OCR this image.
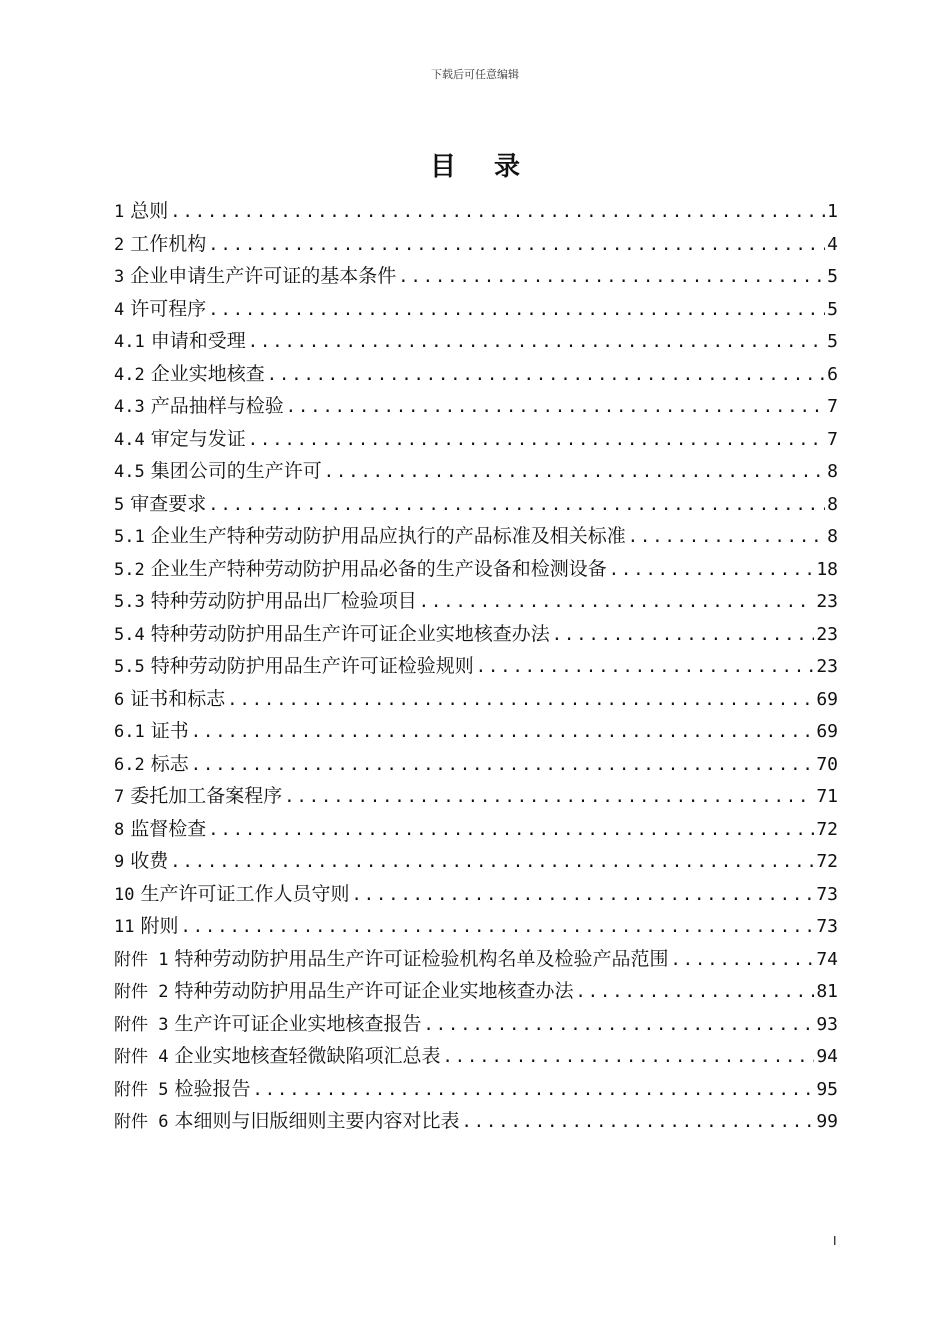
下载后可任意编辑
目 录
1 总则 .....	1
2 工作机构 .....	4
3 企业申请生产许可证的基本条件 .....	5
4 许可程序 .....	5
4.1 申请和受理 .....	5
4.2 企业实地核查 .....	6
4.3 产品抽样与检验 .....	7
4.4 审定与发证 .....	7
4.5 集团公司的生产许可 .....	8
5 审查要求 .....	8
5.1 企业生产特种劳动防护用品应执行的产品标准及相关标准 .....	8
5.2 企业生产特种劳动防护用品必备的生产设备和检测设备 .....	18
5.3 特种劳动防护用品出厂检验项目 .....	23
5.4 特种劳动防护用品生产许可证企业实地核查办法 .....	23
5.5 特种劳动防护用品生产许可证检验规则 .....	23
6 证书和标志 .....	69
6.1 证书 .....	69
6.2 标志 .....	70
7 委托加工备案程序 .....	71
8 监督检查 .....	72
9 收费 .....	72
10 生产许可证工作人员守则 .....	73
11 附则 .....	73
附件 1 特种劳动防护用品生产许可证检验机构名单及检验产品范围 .....	74
附件 2 特种劳动防护用品生产许可证企业实地核查办法 .....	81
附件 3 生产许可证企业实地核查报告 .....	93
附件 4 企业实地核查轻微缺陷项汇总表 .....	94
附件 5 检验报告 .....	95
附件 6 本细则与旧版细则主要内容对比表 .....	99
I
